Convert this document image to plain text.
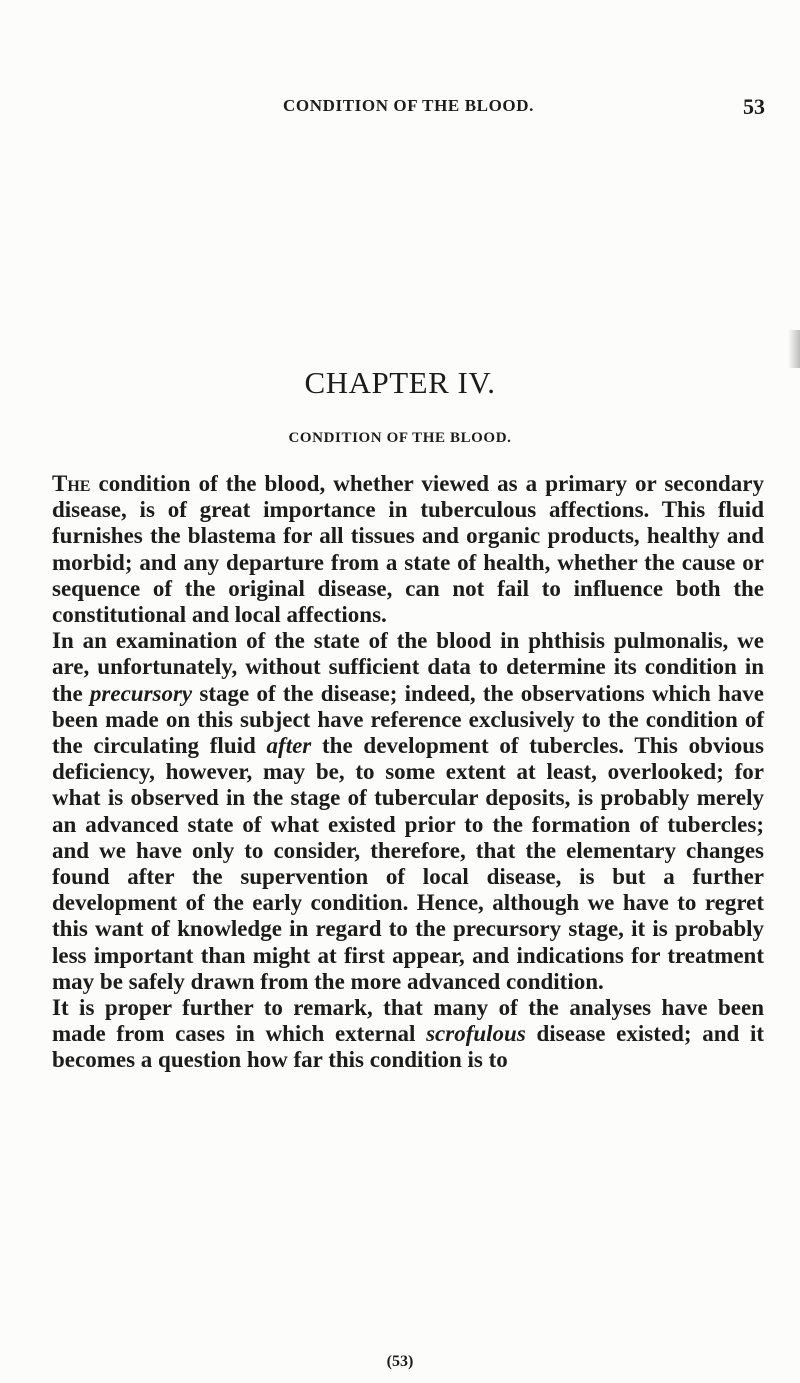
CONDITION OF THE BLOOD.	53
CHAPTER IV.
CONDITION OF THE BLOOD.

The condition of the blood, whether viewed as a primary or secondary disease, is of great importance in tuberculous affections. This fluid furnishes the blastema for all tissues and organic products, healthy and morbid; and any departure from a state of health, whether the cause or sequence of the original disease, can not fail to influence both the constitutional and local affections.

In an examination of the state of the blood in phthisis pulmonalis, we are, unfortunately, without sufficient data to determine its condition in the precursory stage of the disease; indeed, the observations which have been made on this subject have reference exclusively to the condition of the circulating fluid after the development of tubercles. This obvious deficiency, however, may be, to some extent at least, overlooked; for what is observed in the stage of tubercular deposits, is probably merely an advanced state of what existed prior to the formation of tubercles; and we have only to consider, therefore, that the elementary changes found after the supervention of local disease, is but a further development of the early condition. Hence, although we have to regret this want of knowledge in regard to the precursory stage, it is probably less important than might at first appear, and indications for treatment may be safely drawn from the more advanced condition.

It is proper further to remark, that many of the analyses have been made from cases in which external scrofulous disease existed; and it becomes a question how far this condition is to

(53)
